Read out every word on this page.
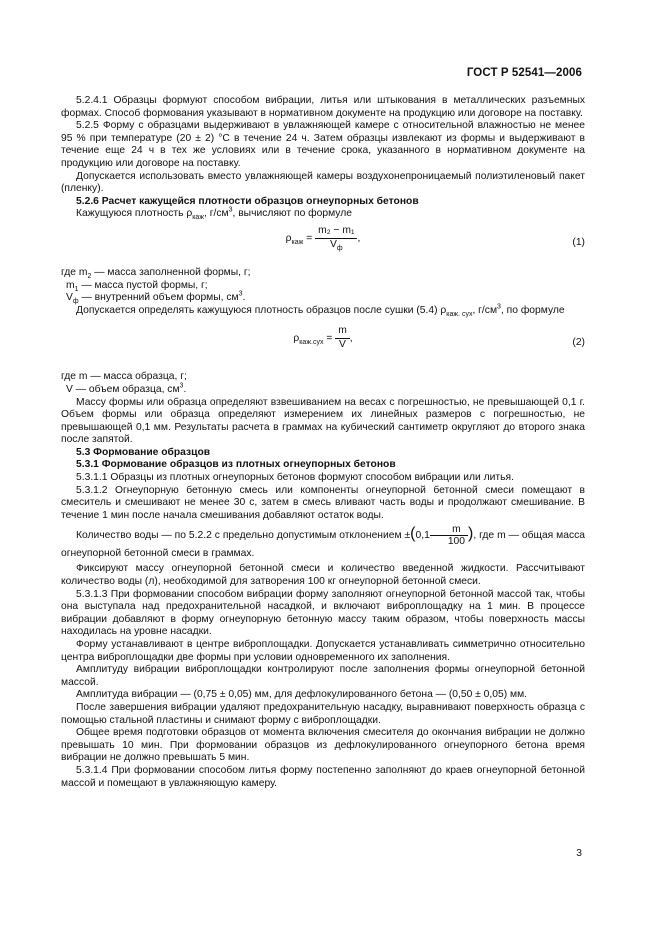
ГОСТ Р 52541—2006

5.2.4.1 Образцы формуют способом вибрации, литья или штыкования в металлических разъемных формах. Способ формования указывают в нормативном документе на продукцию или договоре на поставку.

5.2.5 Форму с образцами выдерживают в увлажняющей камере с относительной влажностью не менее 95 % при температуре (20 ± 2) °С в течение 24 ч. Затем образцы извлекают из формы и выдерживают в течение еще 24 ч в тех же условиях или в течение срока, указанного в нормативном документе на продукцию или договоре на поставку.

Допускается использовать вместо увлажняющей камеры воздухонепроницаемый полиэтиленовый пакет (пленку).

5.2.6 Расчет кажущейся плотности образцов огнеупорных бетонов

Кажущуюся плотность $\rho_{каж}$, $г/см^3$, вычисляют по формуле

$\rho_{каж} = \frac{\text{m₂ − m₁}}{V_ф}$ ,	(1)

где $m_2$ — масса заполненной формы, г;

$m_1$ — масса пустой формы, г;

$V_ф$ — внутренний объем формы, $см^3$.

Допускается определять кажущуюся плотность образцов после сушки (5.4) $\rho_{каж. сух}$, $г/см^3$, по формуле

$\rho_{каж.сух} = \frac{m}{V}$ ,	(2)

где m — масса образца, г;

V — объем образца, $см^3$.

Массу формы или образца определяют взвешиванием на весах с погрешностью, не превышающей 0,1 г. Объем формы или образца определяют измерением их линейных размеров с погрешностью, не превышающей 0,1 мм. Результаты расчета в граммах на кубический сантиметр округляют до второго знака после запятой.

5.3 Формование образцов

5.3.1 Формование образцов из плотных огнеупорных бетонов

5.3.1.1 Образцы из плотных огнеупорных бетонов формуют способом вибрации или литья.

5.3.1.2 Огнеупорную бетонную смесь или компоненты огнеупорной бетонной смеси помещают в смеситель и смешивают не менее 30 с, затем в смесь вливают часть воды и продолжают смешивание. В течение 1 мин после начала смешивания добавляют остаток воды.

Количество воды — по 5.2.2 с предельно допустимым отклонением $\pm(0,1 \frac{m}{100}$ ), где m — общая масса огнеупорной бетонной смеси в граммах.

Фиксируют массу огнеупорной бетонной смеси и количество введенной жидкости. Рассчитывают количество воды (л), необходимой для затворения 100 кг огнеупорной бетонной смеси.

5.3.1.3 При формовании способом вибрации форму заполняют огнеупорной бетонной массой так, чтобы она выступала над предохранительной насадкой, и включают виброплощадку на 1 мин. В процессе вибрации добавляют в форму огнеупорную бетонную массу таким образом, чтобы поверхность массы находилась на уровне насадки.

Форму устанавливают в центре виброплощадки. Допускается устанавливать симметрично относительно центра виброплощадки две формы при условии одновременного их заполнения.

Амплитуду вибрации виброплощадки контролируют после заполнения формы огнеупорной бетонной массой.

Амплитуда вибрации — (0,75 ± 0,05) мм, для дефлокулированного бетона — (0,50 ± 0,05) мм.

После завершения вибрации удаляют предохранительную насадку, выравнивают поверхность образца с помощью стальной пластины и снимают форму с виброплощадки.

Общее время подготовки образцов от момента включения смесителя до окончания вибрации не должно превышать 10 мин. При формовании образцов из дефлокулированного огнеупорного бетона время вибрации не должно превышать 5 мин.

5.3.1.4 При формовании способом литья форму постепенно заполняют до краев огнеупорной бетонной массой и помещают в увлажняющую камеру.

3
